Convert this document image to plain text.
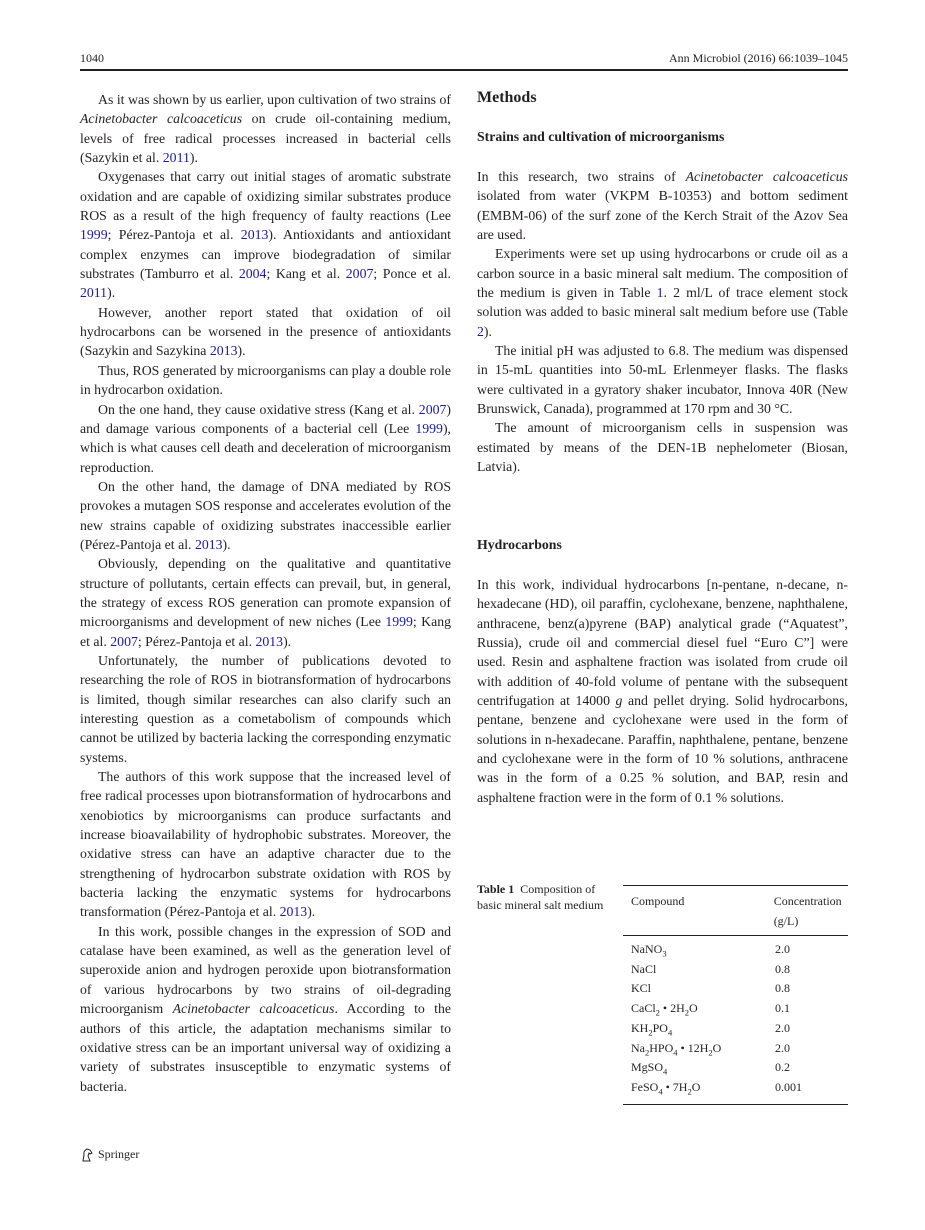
1040	Ann Microbiol (2016) 66:1039–1045

As it was shown by us earlier, upon cultivation of two strains of Acinetobacter calcoaceticus on crude oil-containing medium, levels of free radical processes increased in bacterial cells (Sazykin et al. 2011).

Oxygenases that carry out initial stages of aromatic substrate oxidation and are capable of oxidizing similar substrates produce ROS as a result of the high frequency of faulty reactions (Lee 1999; Pérez-Pantoja et al. 2013). Antioxidants and antioxidant complex enzymes can improve biodegradation of similar substrates (Tamburro et al. 2004; Kang et al. 2007; Ponce et al. 2011).

However, another report stated that oxidation of oil hydrocarbons can be worsened in the presence of antioxidants (Sazykin and Sazykina 2013).

Thus, ROS generated by microorganisms can play a double role in hydrocarbon oxidation.

On the one hand, they cause oxidative stress (Kang et al. 2007) and damage various components of a bacterial cell (Lee 1999), which is what causes cell death and deceleration of microorganism reproduction.

On the other hand, the damage of DNA mediated by ROS provokes a mutagen SOS response and accelerates evolution of the new strains capable of oxidizing substrates inaccessible earlier (Pérez-Pantoja et al. 2013).

Obviously, depending on the qualitative and quantitative structure of pollutants, certain effects can prevail, but, in general, the strategy of excess ROS generation can promote expansion of microorganisms and development of new niches (Lee 1999; Kang et al. 2007; Pérez-Pantoja et al. 2013).

Unfortunately, the number of publications devoted to researching the role of ROS in biotransformation of hydrocarbons is limited, though similar researches can also clarify such an interesting question as a cometabolism of compounds which cannot be utilized by bacteria lacking the corresponding enzymatic systems.

The authors of this work suppose that the increased level of free radical processes upon biotransformation of hydrocarbons and xenobiotics by microorganisms can produce surfactants and increase bioavailability of hydrophobic substrates. Moreover, the oxidative stress can have an adaptive character due to the strengthening of hydrocarbon substrate oxidation with ROS by bacteria lacking the enzymatic systems for hydrocarbons transformation (Pérez-Pantoja et al. 2013).

In this work, possible changes in the expression of SOD and catalase have been examined, as well as the generation level of superoxide anion and hydrogen peroxide upon biotransformation of various hydrocarbons by two strains of oil-degrading microorganism Acinetobacter calcoaceticus. According to the authors of this article, the adaptation mechanisms similar to oxidative stress can be an important universal way of oxidizing a variety of substrates insusceptible to enzymatic systems of bacteria.

Methods
Strains and cultivation of microorganisms

In this research, two strains of Acinetobacter calcoaceticus isolated from water (VKPM B-10353) and bottom sediment (EMBM-06) of the surf zone of the Kerch Strait of the Azov Sea are used.

Experiments were set up using hydrocarbons or crude oil as a carbon source in a basic mineral salt medium. The composition of the medium is given in Table 1. 2 ml/L of trace element stock solution was added to basic mineral salt medium before use (Table 2).

The initial pH was adjusted to 6.8. The medium was dispensed in 15-mL quantities into 50-mL Erlenmeyer flasks. The flasks were cultivated in a gyratory shaker incubator, Innova 40R (New Brunswick, Canada), programmed at 170 rpm and 30 °C.

The amount of microorganism cells in suspension was estimated by means of the DEN-1B nephelometer (Biosan, Latvia).

Hydrocarbons

In this work, individual hydrocarbons [n-pentane, n-decane, n-hexadecane (HD), oil paraffin, cyclohexane, benzene, naphthalene, anthracene, benz(a)pyrene (BAP) analytical grade (“Aquatest”, Russia), crude oil and commercial diesel fuel “Euro C”] were used. Resin and asphaltene fraction was isolated from crude oil with addition of 40-fold volume of pentane with the subsequent centrifugation at 14000 g and pellet drying. Solid hydrocarbons, pentane, benzene and cyclohexane were used in the form of solutions in n-hexadecane. Paraffin, naphthalene, pentane, benzene and cyclohexane were in the form of 10 % solutions, anthracene was in the form of a 0.25 % solution, and BAP, resin and asphaltene fraction were in the form of 0.1 % solutions.

Table 1 Composition of basic mineral salt medium	Compound	Concentration (g/L)
NaNO$_3$	2.0
NaCl	0.8
KCl	0.8
CaCl$_2$ • $2H_2O$	0.1
$KH_2PO_4$	2.0
$Na_2HPO_4$ • $12H_2O$	2.0
MgSO$_4$	0.2
FeSO$_4$ • $7H_2O$	0.001
Springer
